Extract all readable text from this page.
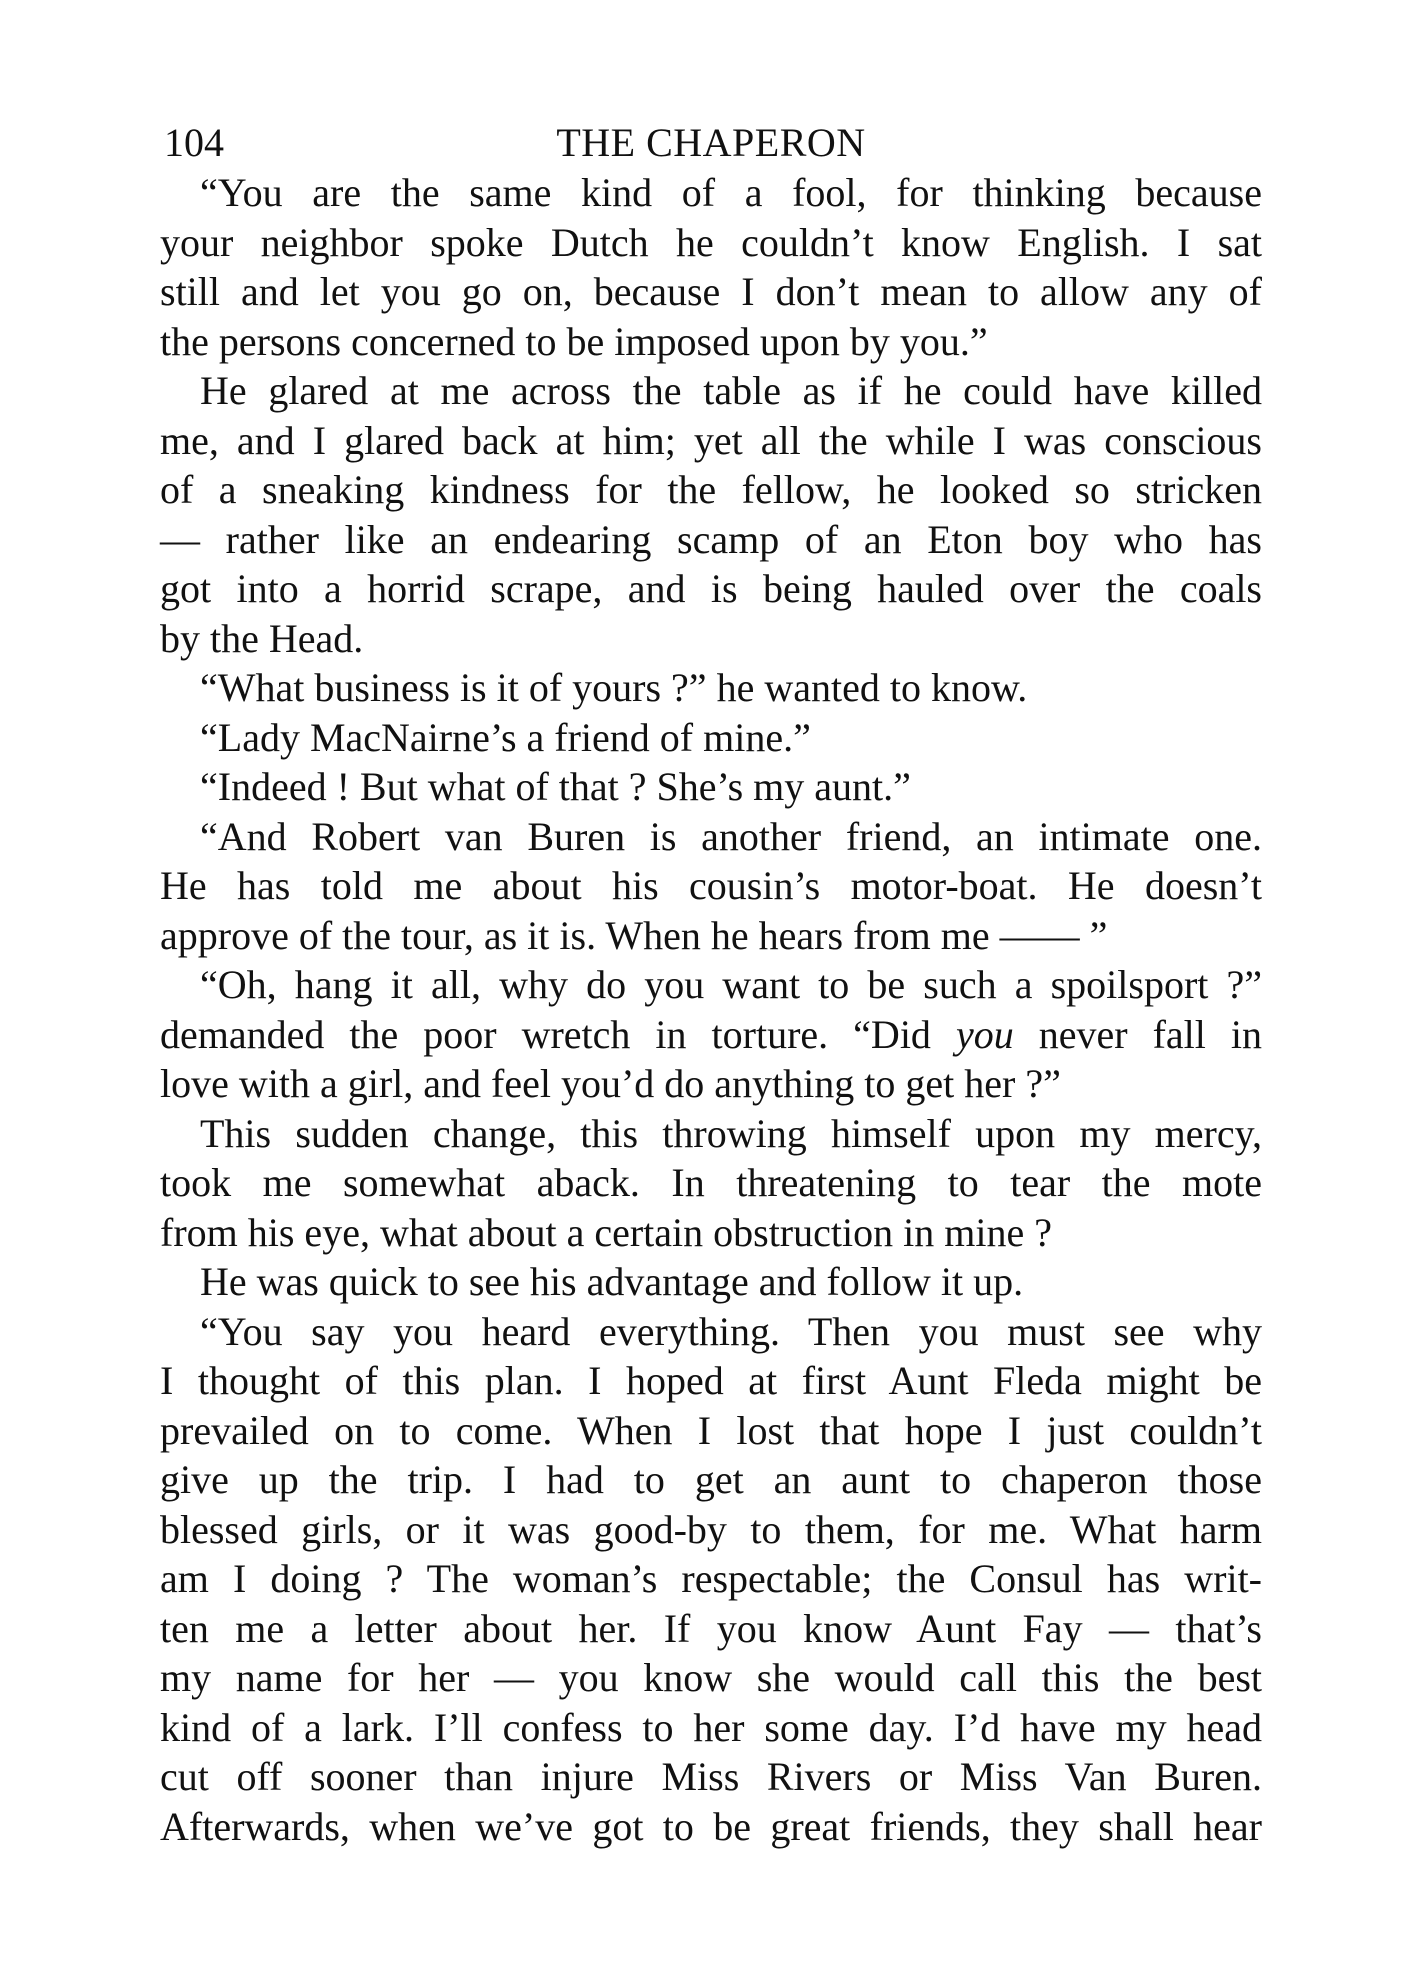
104	THE CHAPERON
“You are the same kind of a fool, for thinking because
your neighbor spoke Dutch he couldn’t know English. I sat
still and let you go on, because I don’t mean to allow any of
the persons concerned to be imposed upon by you.”
He glared at me across the table as if he could have killed
me, and I glared back at him; yet all the while I was conscious
of a sneaking kindness for the fellow, he looked so stricken
— rather like an endearing scamp of an Eton boy who has
got into a horrid scrape, and is being hauled over the coals
by the Head.
“What business is it of yours ?” he wanted to know.
“Lady MacNairne’s a friend of mine.”
“Indeed ! But what of that ? She’s my aunt.”
“And Robert van Buren is another friend, an intimate one.
He has told me about his cousin’s motor-boat. He doesn’t
approve of the tour, as it is. When he hears from me —— ”
“Oh, hang it all, why do you want to be such a spoilsport ?”
demanded the poor wretch in torture. “Did you never fall in
love with a girl, and feel you’d do anything to get her ?”
This sudden change, this throwing himself upon my mercy,
took me somewhat aback. In threatening to tear the mote
from his eye, what about a certain obstruction in mine ?
He was quick to see his advantage and follow it up.
“You say you heard everything. Then you must see why
I thought of this plan. I hoped at first Aunt Fleda might be
prevailed on to come. When I lost that hope I just couldn’t
give up the trip. I had to get an aunt to chaperon those
blessed girls, or it was good-by to them, for me. What harm
am I doing ? The woman’s respectable; the Consul has writ-
ten me a letter about her. If you know Aunt Fay — that’s
my name for her — you know she would call this the best
kind of a lark. I’ll confess to her some day. I’d have my head
cut off sooner than injure Miss Rivers or Miss Van Buren.
Afterwards, when we’ve got to be great friends, they shall hear
